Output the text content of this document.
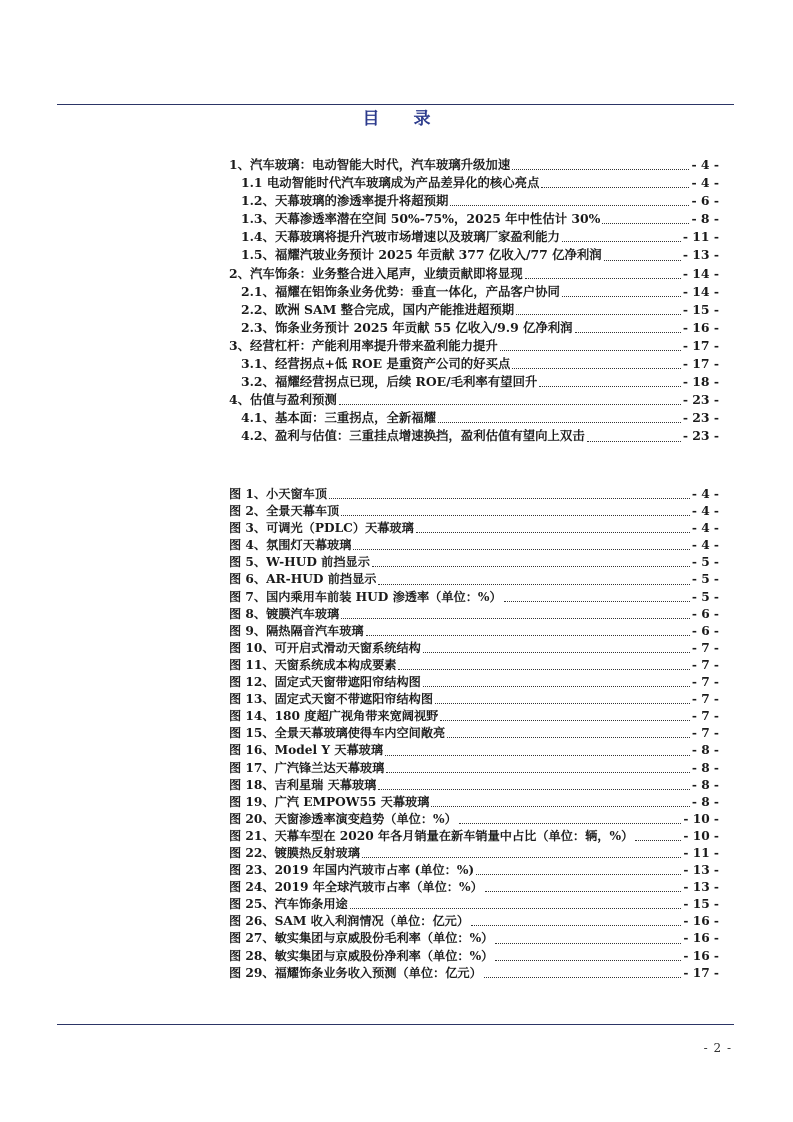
目 录
1、汽车玻璃：电动智能大时代，汽车玻璃升级加速	- 4 -
1.1 电动智能时代汽车玻璃成为产品差异化的核心亮点	- 4 -
1.2、天幕玻璃的渗透率提升将超预期	- 6 -
1.3、天幕渗透率潜在空间 50%-75%，2025 年中性估计 30%	- 8 -
1.4、天幕玻璃将提升汽玻市场增速以及玻璃厂家盈利能力	- 11 -
1.5、福耀汽玻业务预计 2025 年贡献 377 亿收入/77 亿净利润	- 13 -
2、汽车饰条：业务整合进入尾声，业绩贡献即将显现	- 14 -
2.1、福耀在铝饰条业务优势：垂直一体化，产品客户协同	- 14 -
2.2、欧洲 SAM 整合完成，国内产能推进超预期	- 15 -
2.3、饰条业务预计 2025 年贡献 55 亿收入/9.9 亿净利润	- 16 -
3、经营杠杆：产能利用率提升带来盈利能力提升	- 17 -
3.1、经营拐点+低 ROE 是重资产公司的好买点	- 17 -
3.2、福耀经营拐点已现，后续 ROE/毛利率有望回升	- 18 -
4、估值与盈利预测	- 23 -
4.1、基本面：三重拐点，全新福耀	- 23 -
4.2、盈利与估值：三重挂点增速换挡，盈利估值有望向上双击	- 23 -
图 1、小天窗车顶	- 4 -
图 2、全景天幕车顶	- 4 -
图 3、可调光（PDLC）天幕玻璃	- 4 -
图 4、氛围灯天幕玻璃	- 4 -
图 5、W-HUD 前挡显示	- 5 -
图 6、AR-HUD 前挡显示	- 5 -
图 7、国内乘用车前装 HUD 渗透率（单位：%）	- 5 -
图 8、镀膜汽车玻璃	- 6 -
图 9、隔热隔音汽车玻璃	- 6 -
图 10、可开启式滑动天窗系统结构	- 7 -
图 11、天窗系统成本构成要素	- 7 -
图 12、固定式天窗带遮阳帘结构图	- 7 -
图 13、固定式天窗不带遮阳帘结构图	- 7 -
图 14、180 度超广视角带来宽阔视野	- 7 -
图 15、全景天幕玻璃使得车内空间敞亮	- 7 -
图 16、Model Y 天幕玻璃	- 8 -
图 17、广汽锋兰达天幕玻璃	- 8 -
图 18、吉利星瑞 天幕玻璃	- 8 -
图 19、广汽 EMPOW55 天幕玻璃	- 8 -
图 20、天窗渗透率演变趋势（单位：%）	- 10 -
图 21、天幕车型在 2020 年各月销量在新车销量中占比（单位：辆，%）	- 10 -
图 22、镀膜热反射玻璃	- 11 -
图 23、2019 年国内汽玻市占率 (单位：%)	- 13 -
图 24、2019 年全球汽玻市占率（单位：%）	- 13 -
图 25、汽车饰条用途	- 15 -
图 26、SAM 收入利润情况（单位：亿元）	- 16 -
图 27、敏实集团与京威股份毛利率（单位：%）	- 16 -
图 28、敏实集团与京威股份净利率（单位：%）	- 16 -
图 29、福耀饰条业务收入预测（单位：亿元）	- 17 -
- 2 -
